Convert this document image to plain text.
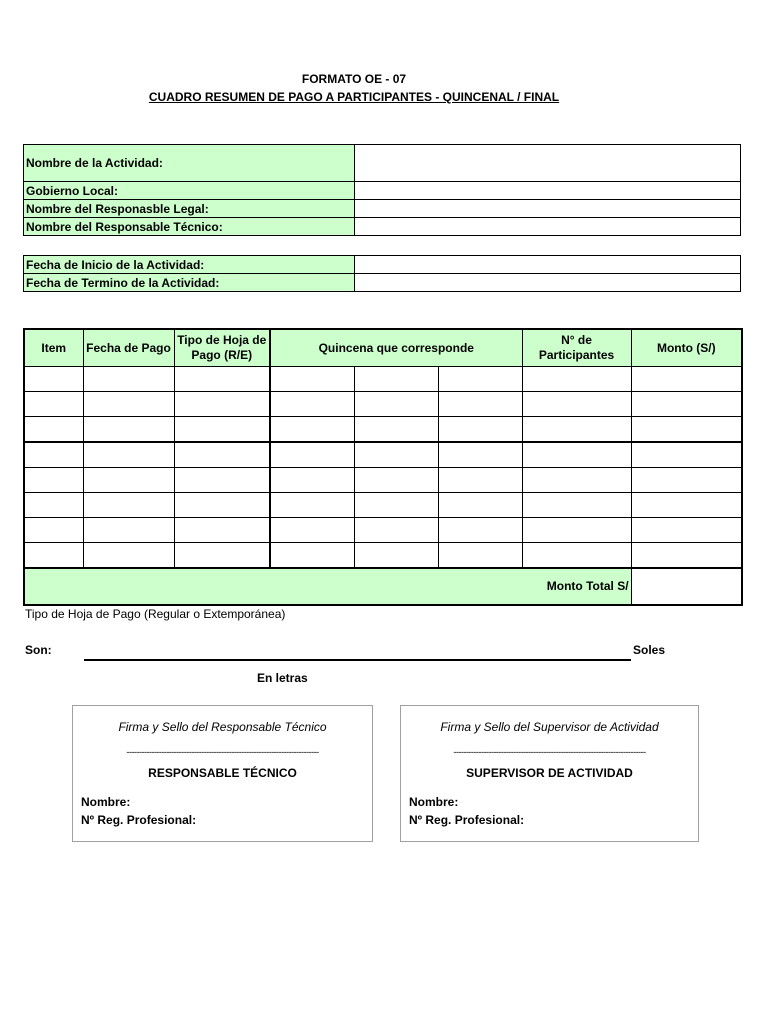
FORMATO OE - 07
CUADRO RESUMEN DE PAGO A PARTICIPANTES - QUINCENAL / FINAL
Nombre de la Actividad:	
Gobierno Local:	
Nombre del Responasble Legal:	
Nombre del Responsable Técnico:	
Fecha de Inicio de la Actividad:	
Fecha de Termino de la Actividad:	
Item	Fecha de Pago	Tipo de Hoja de Pago (R/E)	Quincena que corresponde			N° de Participantes	Monto (S/)

Monto Total S/							
Tipo de Hoja de Pago (Regular o Extemporánea)
Son:	Soles
En letras
Firma y Sello del Responsable Técnico
-----------------------------------------------------------------------------
RESPONSABLE TÉCNICO
Nombre:
Nº Reg. Profesional:
Firma y Sello del Supervisor de Actividad
-----------------------------------------------------------------------------
SUPERVISOR DE ACTIVIDAD
Nombre:
Nº Reg. Profesional:
